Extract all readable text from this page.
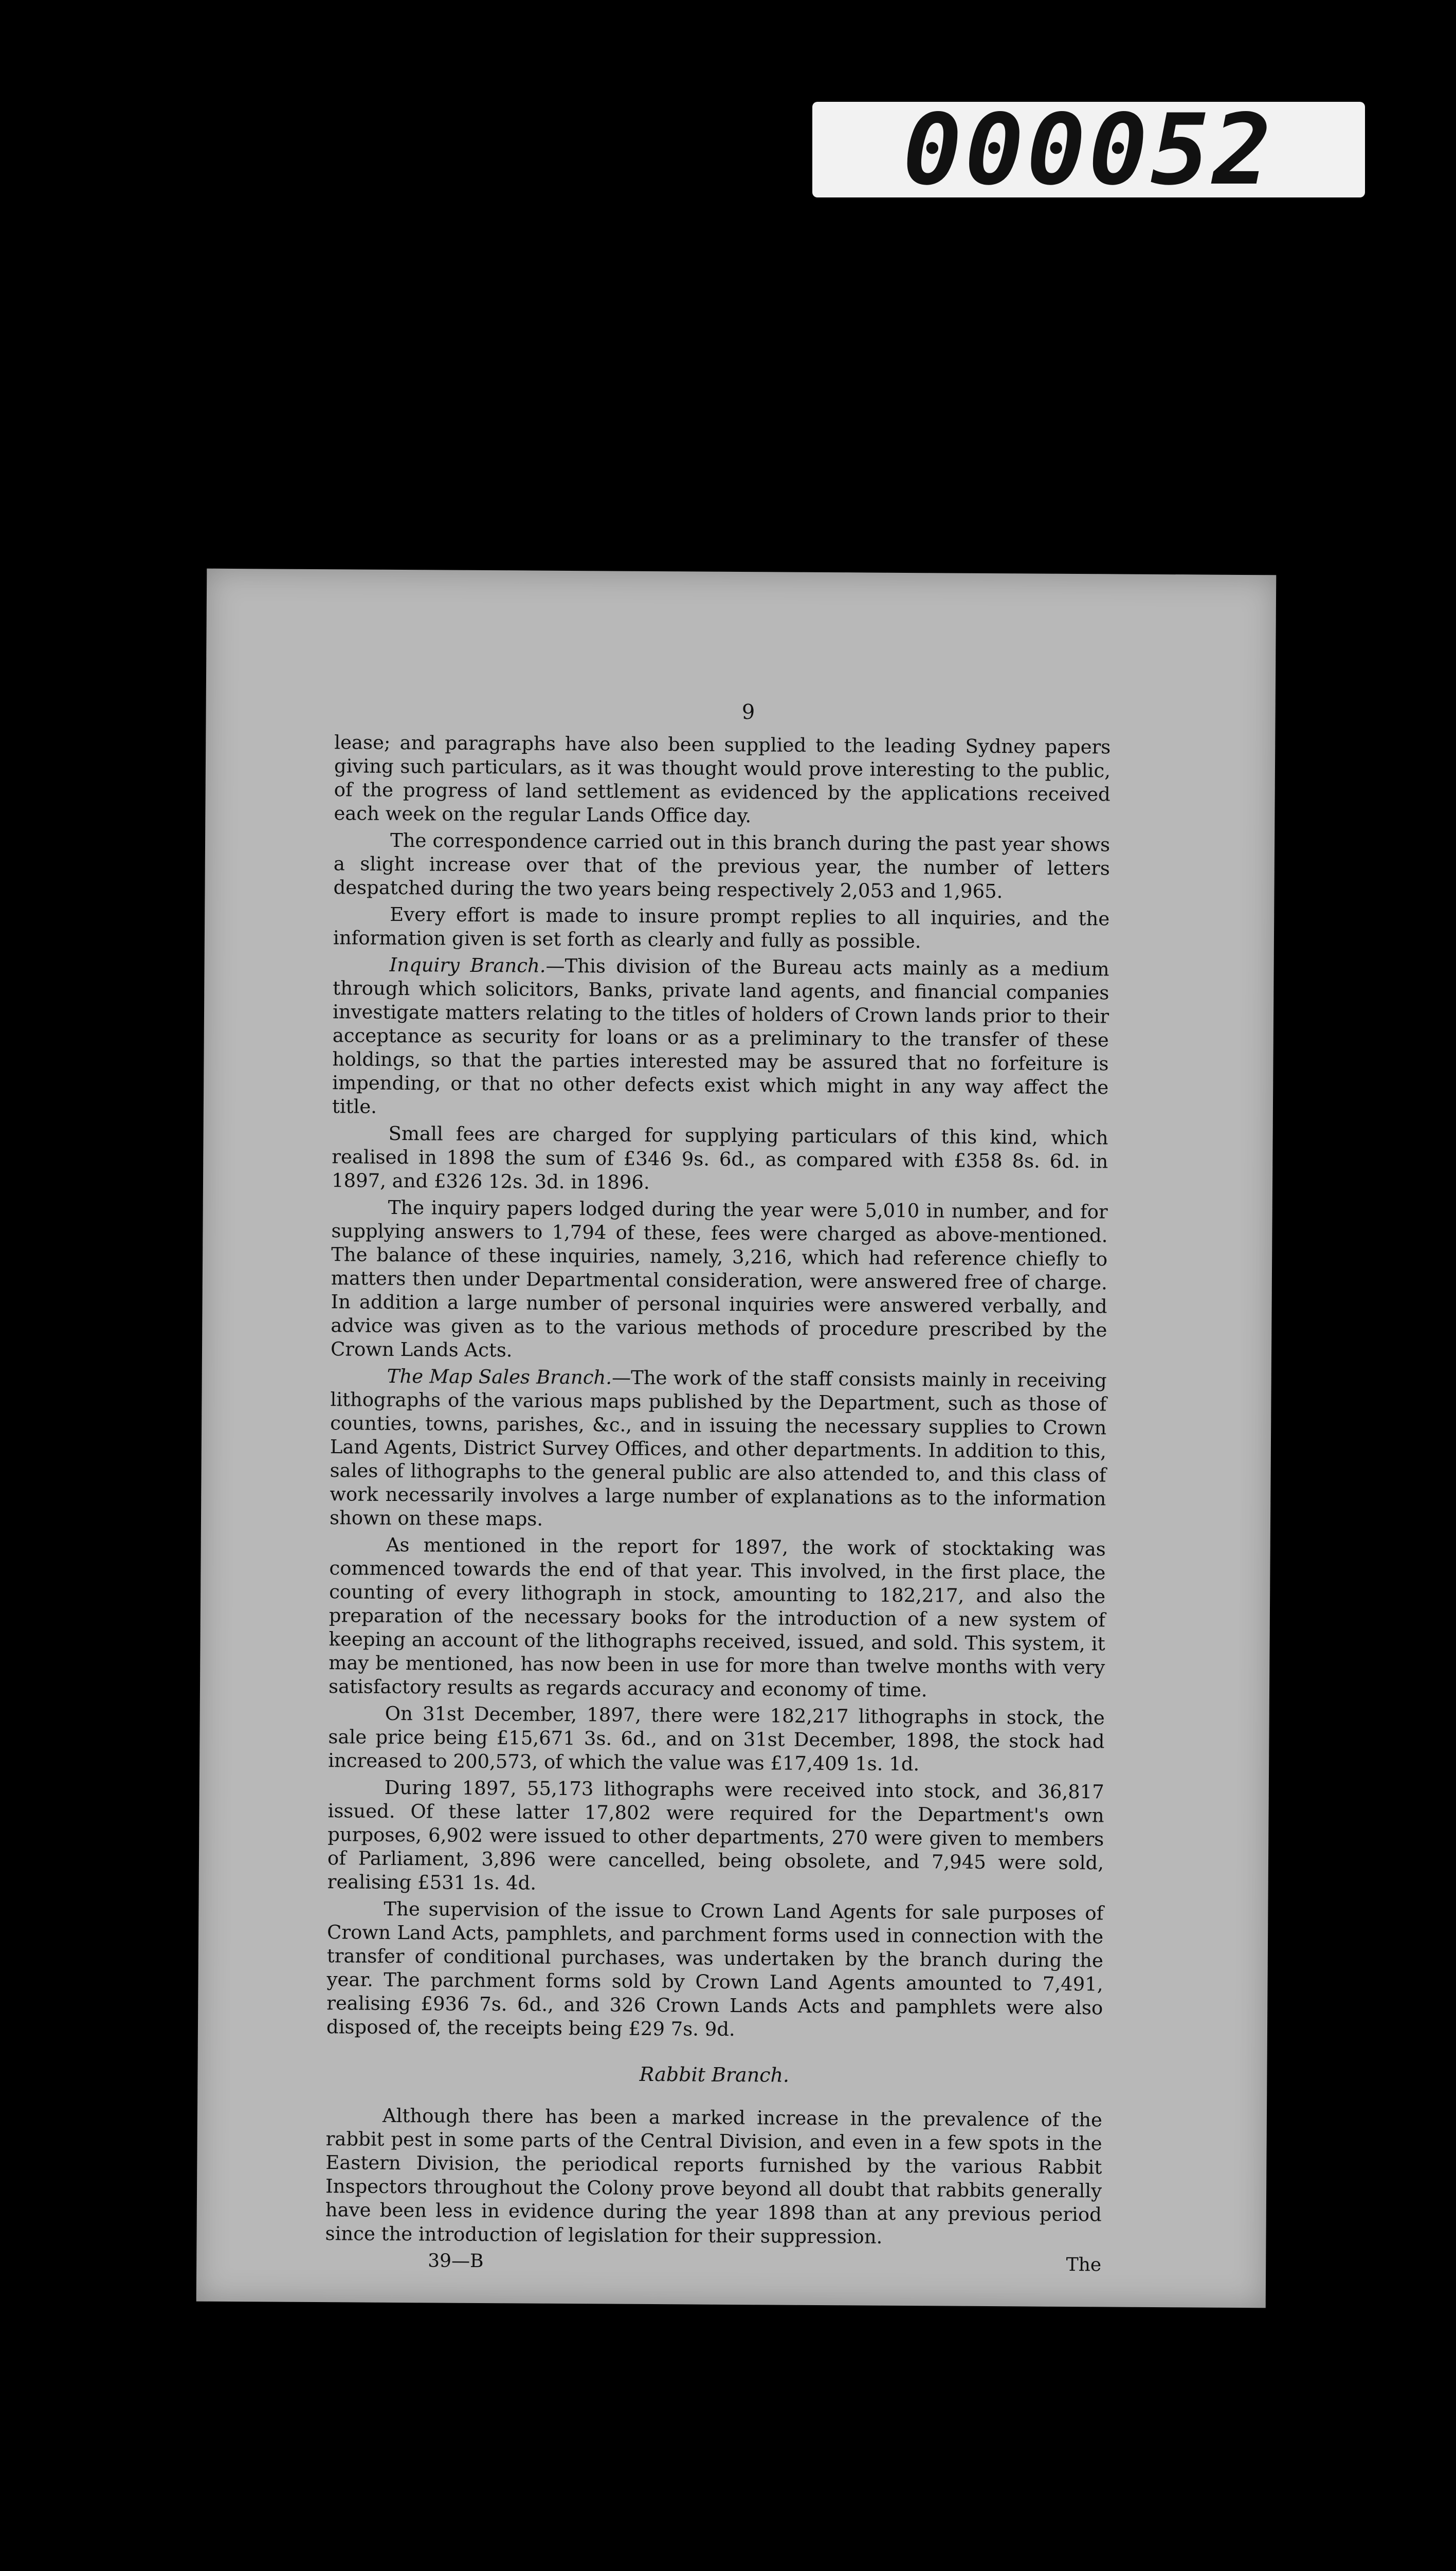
000052
9

lease; and paragraphs have also been supplied to the leading Sydney papers giving such particulars, as it was thought would prove interesting to the public, of the progress of land settlement as evidenced by the applications received each week on the regular Lands Office day.

The correspondence carried out in this branch during the past year shows a slight increase over that of the previous year, the number of letters despatched during the two years being respectively 2,053 and 1,965.

Every effort is made to insure prompt replies to all inquiries, and the information given is set forth as clearly and fully as possible.

Inquiry Branch.—This division of the Bureau acts mainly as a medium through which solicitors, Banks, private land agents, and financial companies investigate matters relating to the titles of holders of Crown lands prior to their acceptance as security for loans or as a preliminary to the transfer of these holdings, so that the parties interested may be assured that no forfeiture is impending, or that no other defects exist which might in any way affect the title.

Small fees are charged for supplying particulars of this kind, which realised in 1898 the sum of £346 9s. 6d., as compared with £358 8s. 6d. in 1897, and £326 12s. 3d. in 1896.

The inquiry papers lodged during the year were 5,010 in number, and for supplying answers to 1,794 of these, fees were charged as above-mentioned. The balance of these inquiries, namely, 3,216, which had reference chiefly to matters then under Departmental consideration, were answered free of charge. In addition a large number of personal inquiries were answered verbally, and advice was given as to the various methods of procedure prescribed by the Crown Lands Acts.

The Map Sales Branch.—The work of the staff consists mainly in receiving lithographs of the various maps published by the Department, such as those of counties, towns, parishes, &c., and in issuing the necessary supplies to Crown Land Agents, District Survey Offices, and other departments. In addition to this, sales of lithographs to the general public are also attended to, and this class of work necessarily involves a large number of explanations as to the information shown on these maps.

As mentioned in the report for 1897, the work of stocktaking was commenced towards the end of that year. This involved, in the first place, the counting of every lithograph in stock, amounting to 182,217, and also the preparation of the necessary books for the introduction of a new system of keeping an account of the lithographs received, issued, and sold. This system, it may be mentioned, has now been in use for more than twelve months with very satisfactory results as regards accuracy and economy of time.

On 31st December, 1897, there were 182,217 lithographs in stock, the sale price being £15,671 3s. 6d., and on 31st December, 1898, the stock had increased to 200,573, of which the value was £17,409 1s. 1d.

During 1897, 55,173 lithographs were received into stock, and 36,817 issued. Of these latter 17,802 were required for the Department's own purposes, 6,902 were issued to other departments, 270 were given to members of Parliament, 3,896 were cancelled, being obsolete, and 7,945 were sold, realising £531 1s. 4d.

The supervision of the issue to Crown Land Agents for sale purposes of Crown Land Acts, pamphlets, and parchment forms used in connection with the transfer of conditional purchases, was undertaken by the branch during the year. The parchment forms sold by Crown Land Agents amounted to 7,491, realising £936 7s. 6d., and 326 Crown Lands Acts and pamphlets were also disposed of, the receipts being £29 7s. 9d.

Rabbit Branch.

Although there has been a marked increase in the prevalence of the rabbit pest in some parts of the Central Division, and even in a few spots in the Eastern Division, the periodical reports furnished by the various Rabbit Inspectors throughout the Colony prove beyond all doubt that rabbits generally have been less in evidence during the year 1898 than at any previous period since the introduction of legislation for their suppression.

39—B	The
